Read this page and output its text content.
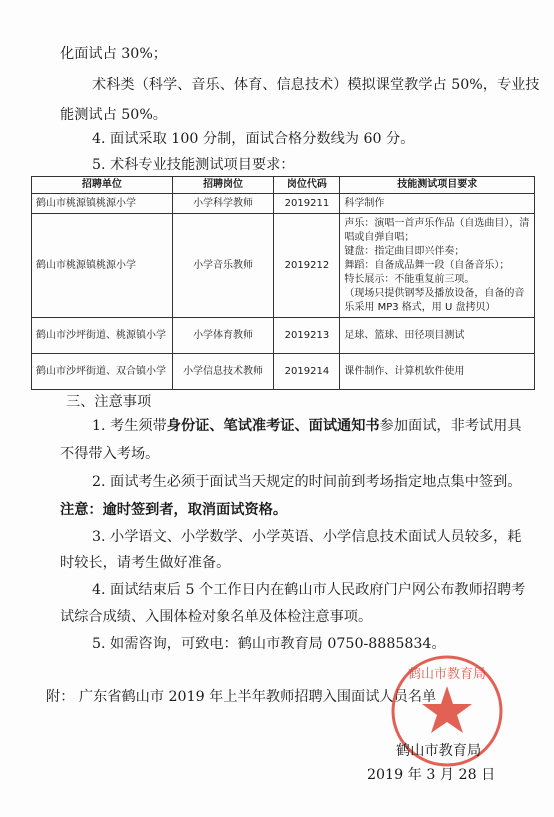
化面试占 30%；
术科类（科学、音乐、体育、信息技术）模拟课堂教学占 50%，专业技
能测试占 50%。
4. 面试采取 100 分制，面试合格分数线为 60 分。
5. 术科专业技能测试项目要求：
招聘单位	招聘岗位	岗位代码	技能测试项目要求
鹤山市桃源镇桃源小学	小学科学教师	2019211	科学制作

鹤山市桃源镇桃源小学	小学音乐教师	2019212	声乐：演唱一首声乐作品（自选曲目），清唱或自弹自唱；
键盘：指定曲目即兴伴奏；
舞蹈：自备成品舞一段（自备音乐）；
特长展示：不能重复前三项。
（现场只提供钢琴及播放设备，自备的音乐采用 MP3 格式，用 U 盘拷贝）

鹤山市沙坪街道、桃源镇小学	小学体育教师	2019213	足球、篮球、田径项目测试

鹤山市沙坪街道、双合镇小学	小学信息技术教师	2019214	课件制作、计算机软件使用
三、注意事项
1. 考生须带身份证、笔试准考证、面试通知书参加面试，非考试用具
不得带入考场。
2. 面试考生必须于面试当天规定的时间前到考场指定地点集中签到。
注意：逾时签到者，取消面试资格。
3. 小学语文、小学数学、小学英语、小学信息技术面试人员较多，耗
时较长，请考生做好准备。
4. 面试结束后 5 个工作日内在鹤山市人民政府门户网公布教师招聘考
试综合成绩、入围体检对象名单及体检注意事项。
5. 如需咨询，可致电：鹤山市教育局 0750-8885834。
附： 广东省鹤山市 2019 年上半年教师招聘入围面试人员名单
鹤山市教育局
鹤山市教育局
2019 年 3 月 28 日
